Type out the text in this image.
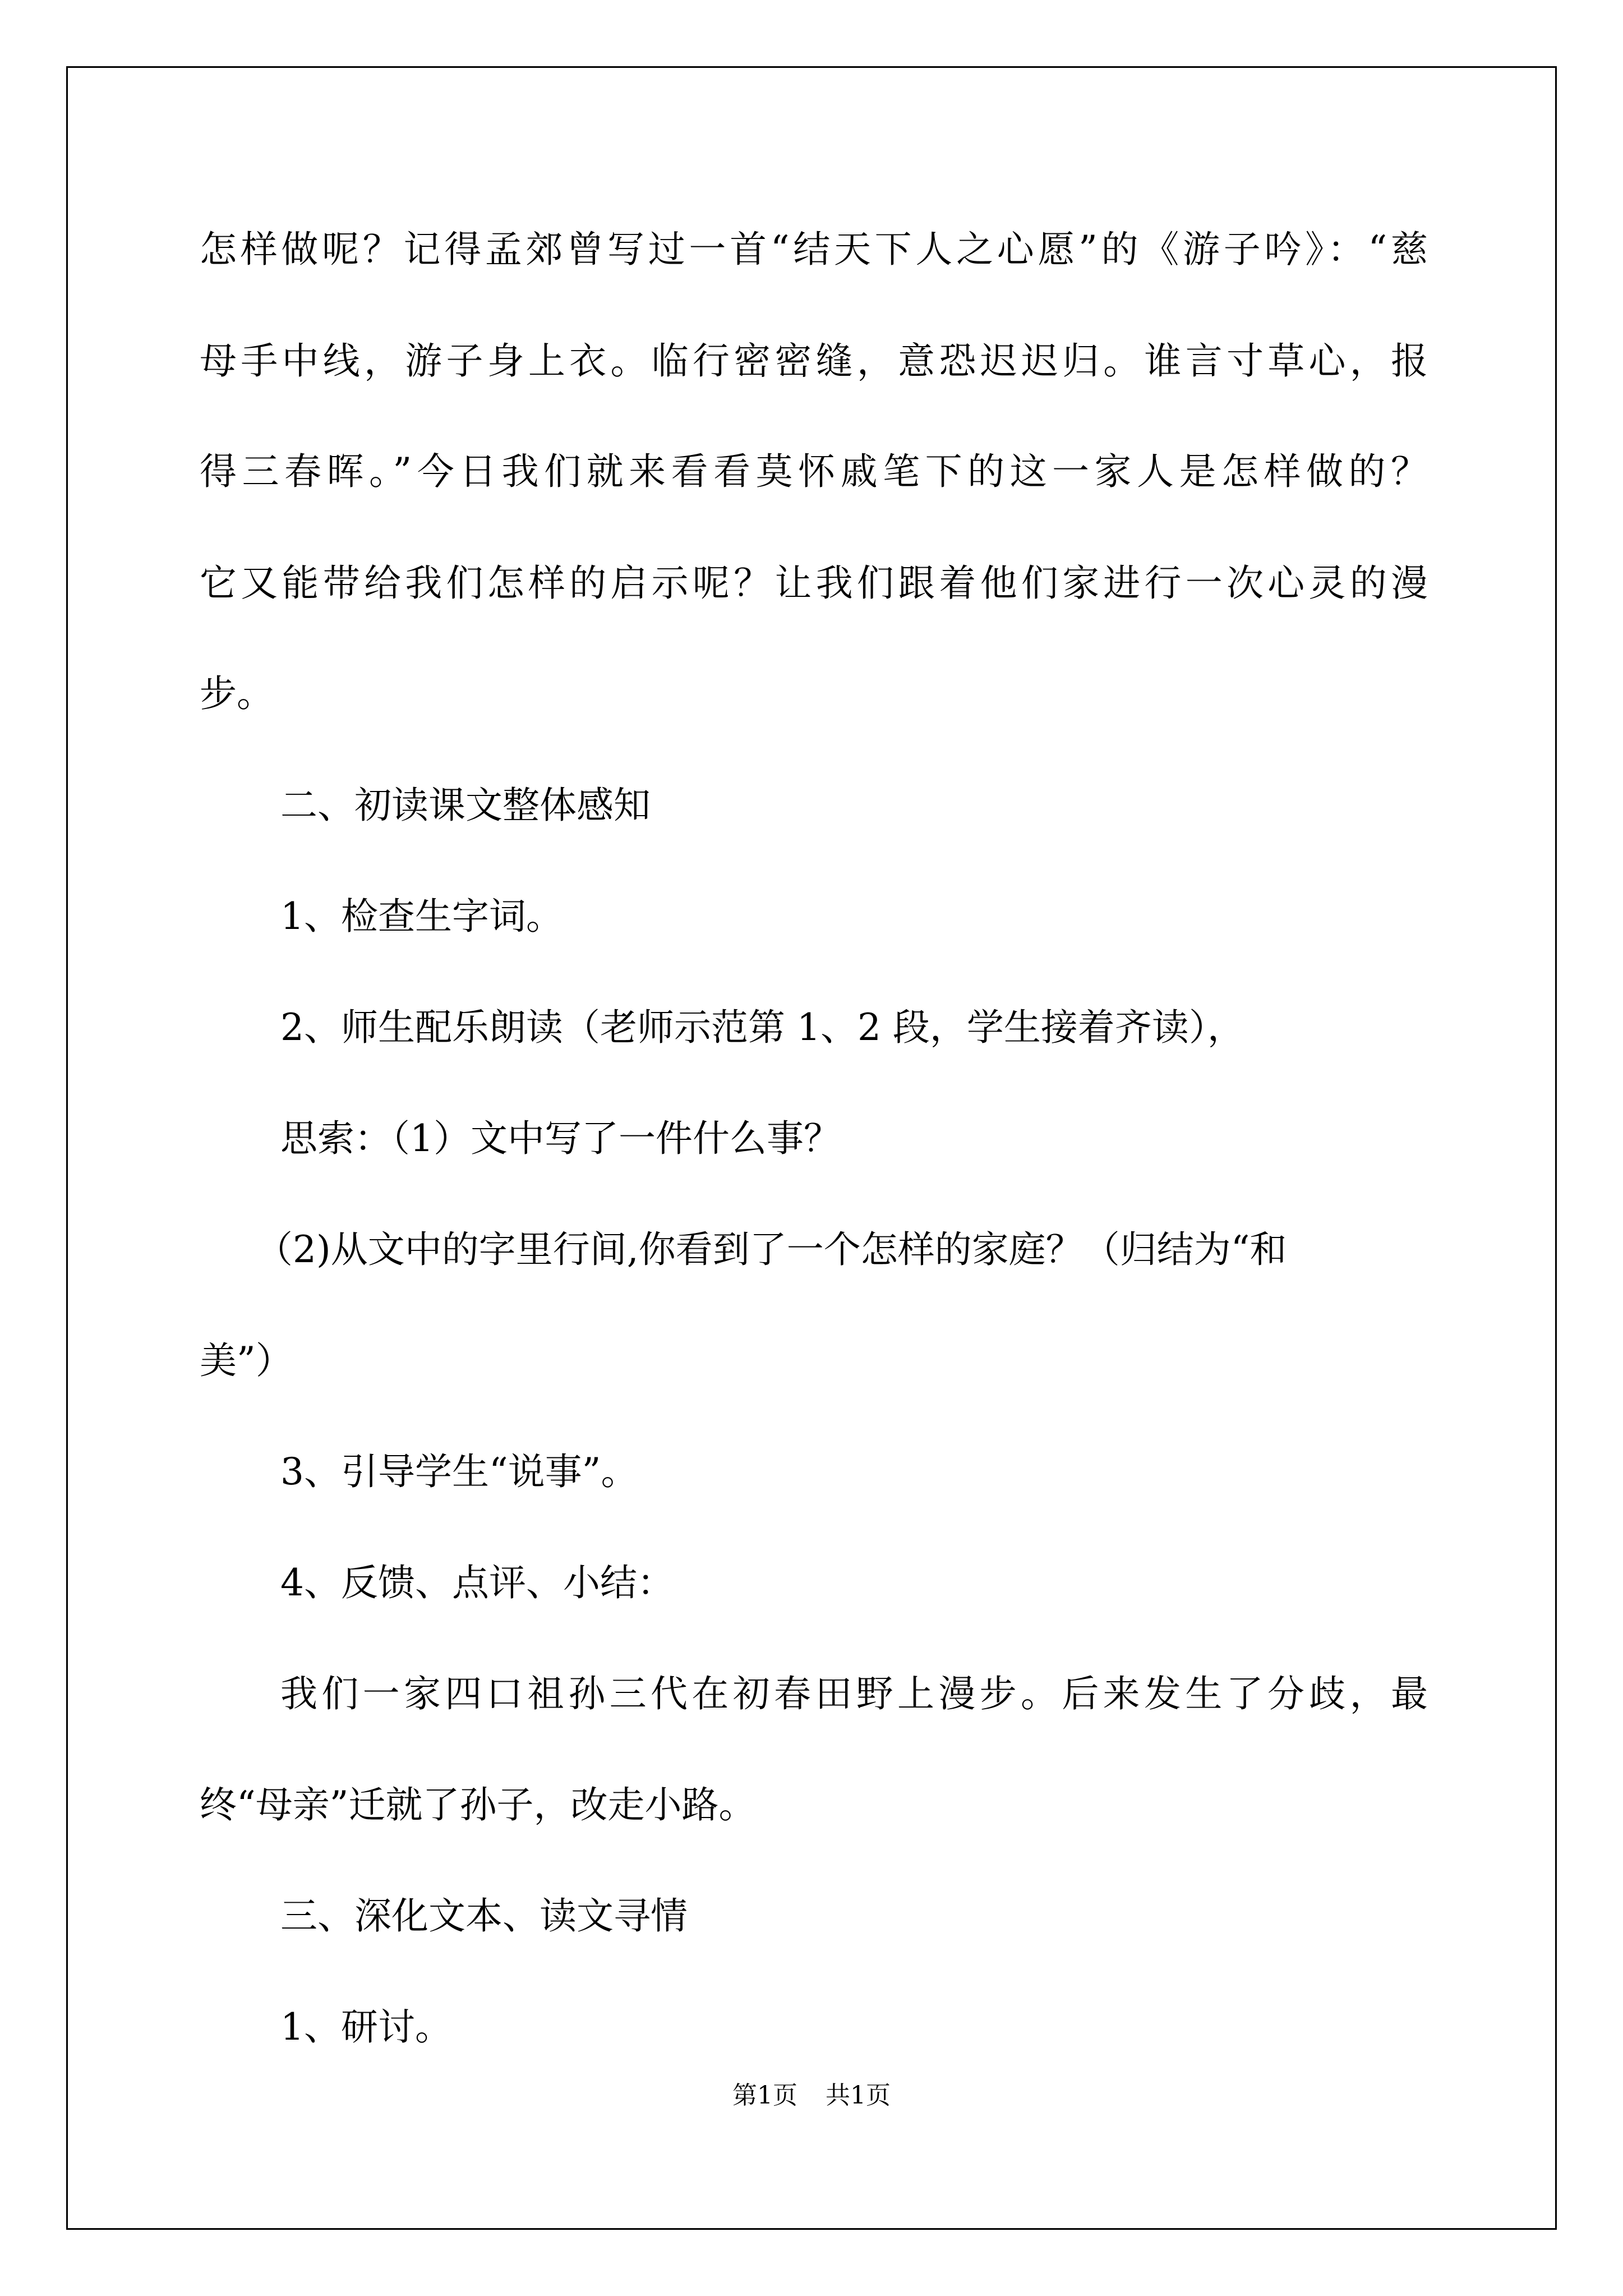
怎样做呢？记得孟郊曾写过一首“结天下人之心愿”的《游子吟》：“慈
母手中线，游子身上衣。临行密密缝，意恐迟迟归。谁言寸草心，报
得三春晖。”今日我们就来看看莫怀戚笔下的这一家人是怎样做的？
它又能带给我们怎样的启示呢？让我们跟着他们家进行一次心灵的漫
步。
二、初读课文整体感知
1、检查生字词。
2、师生配乐朗读（老师示范第 1、2 段，学生接着齐读），
思索：（1）文中写了一件什么事？
（2)从文中的字里行间,你看到了一个怎样的家庭？（归结为“和
美”）
3、引导学生“说事”。
4、反馈、点评、小结：
我们一家四口祖孙三代在初春田野上漫步。后来发生了分歧，最
终“母亲”迁就了孙子，改走小路。
三、深化文本、读文寻情
1、研讨。
第1页 共1页
